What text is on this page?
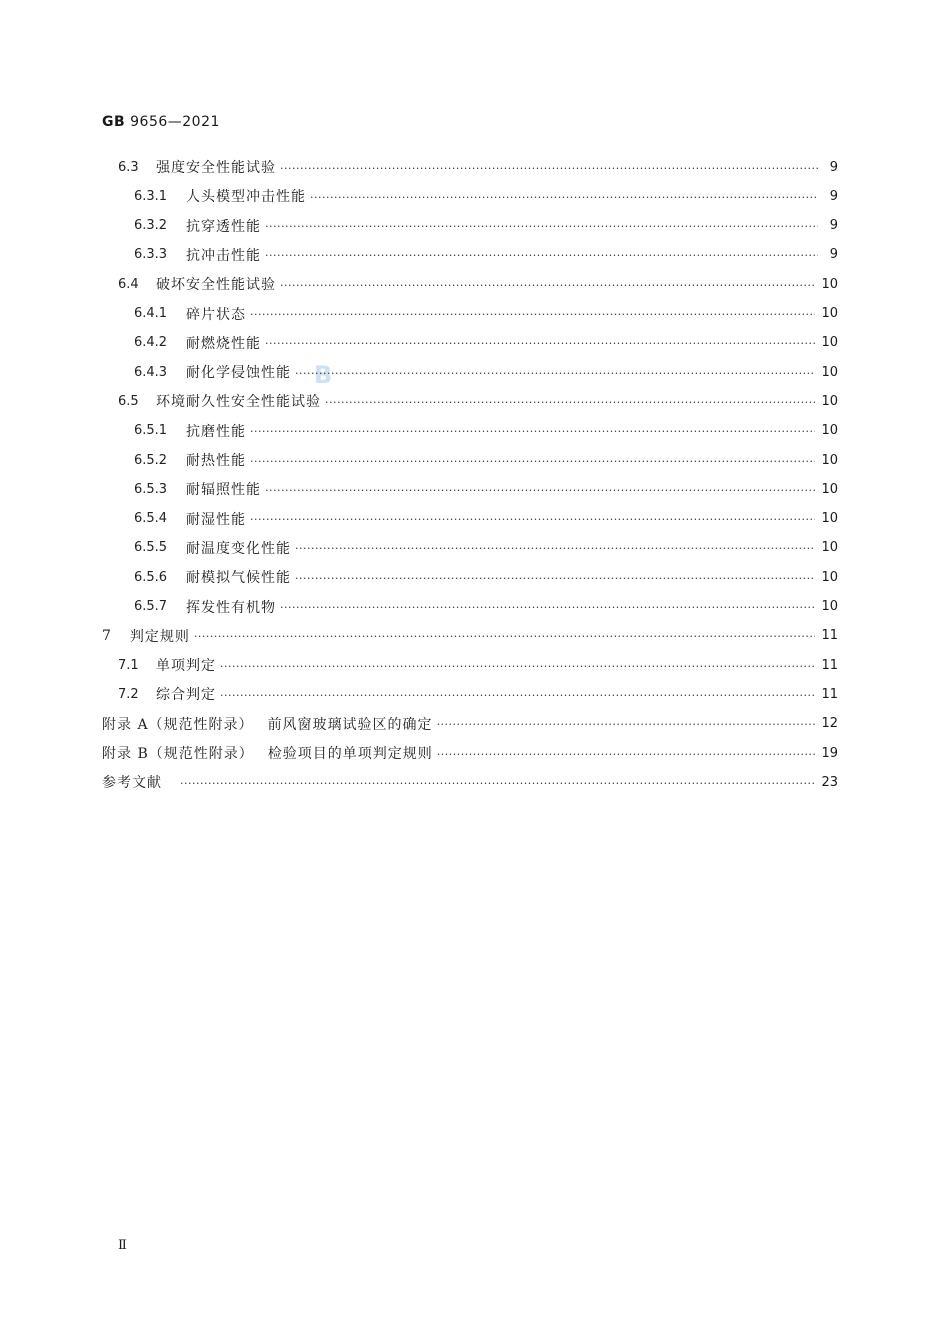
GB 9656—2021
B
6.3	强度安全性能试验 ·····	9
6.3.1	人头模型冲击性能 ·····	9
6.3.2	抗穿透性能 ·····	9
6.3.3	抗冲击性能 ·····	9
6.4	破坏安全性能试验 ·····	10
6.4.1	碎片状态 ·····	10
6.4.2	耐燃烧性能 ·····	10
6.4.3	耐化学侵蚀性能 ·····	10
6.5	环境耐久性安全性能试验 ·····	10
6.5.1	抗磨性能 ·····	10
6.5.2	耐热性能 ·····	10
6.5.3	耐辐照性能 ·····	10
6.5.4	耐湿性能 ·····	10
6.5.5	耐温度变化性能 ·····	10
6.5.6	耐模拟气候性能 ·····	10
6.5.7	挥发性有机物 ·····	10
7 判定规则 ·····	11
7.1	单项判定 ·····	11
7.2	综合判定 ·····	11
附录 A（规范性附录） 前风窗玻璃试验区的确定 ·····	12
附录 B（规范性附录） 检验项目的单项判定规则 ·····	19
参考文献 ·····	23
Ⅱ
